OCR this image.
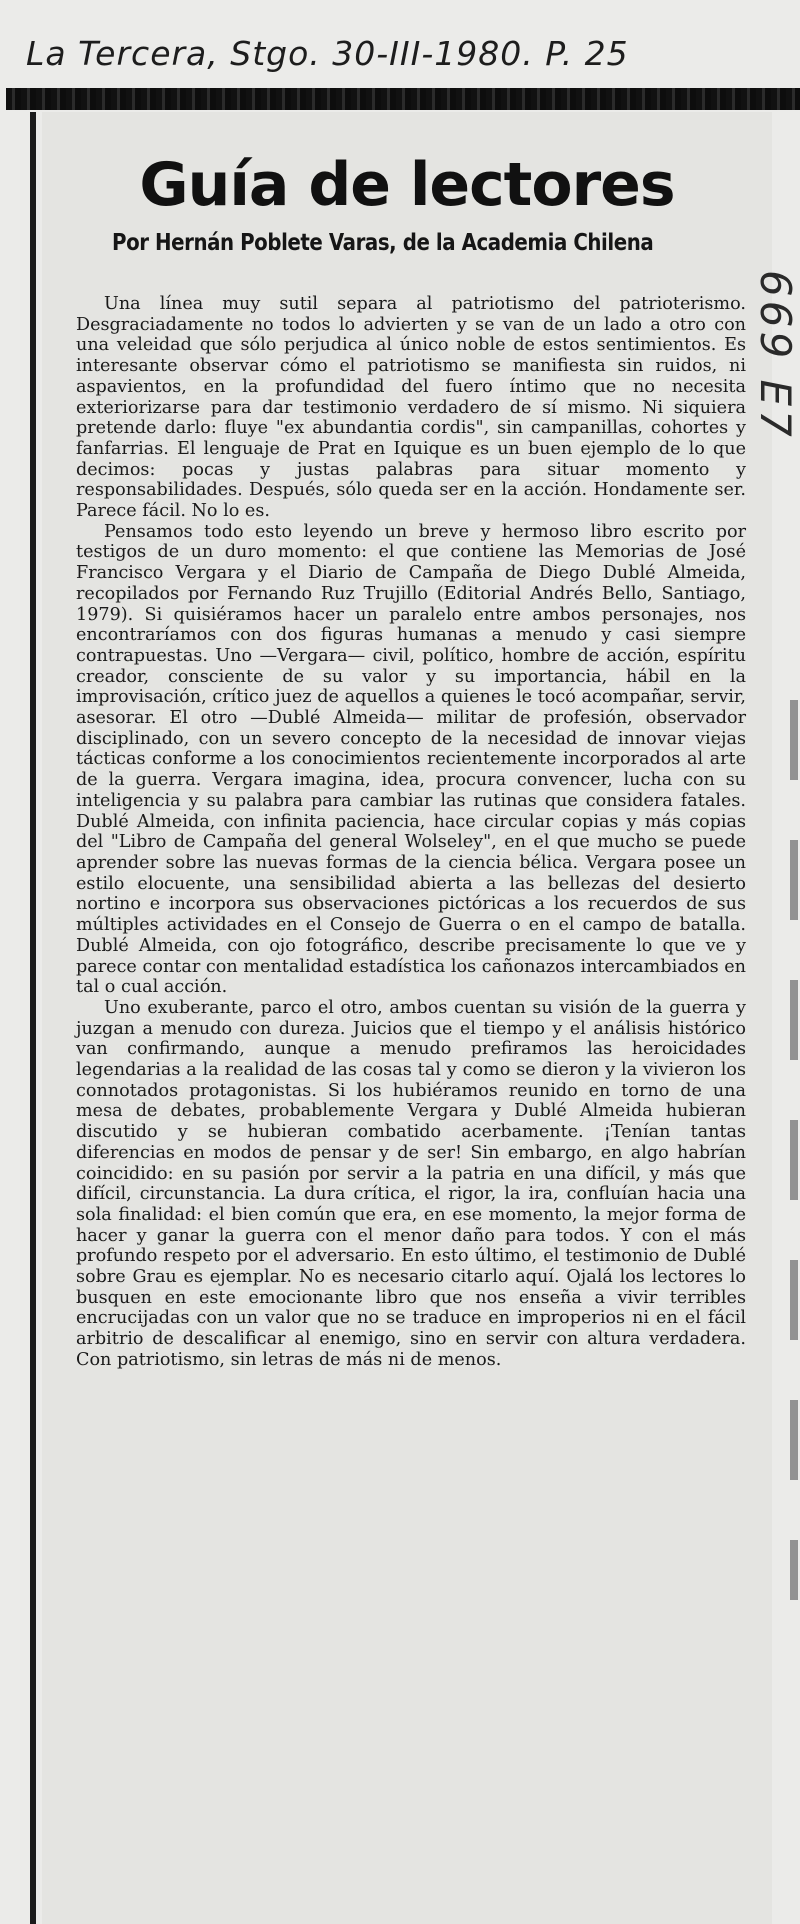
La Tercera, Stgo. 30-III-1980. P. 25
Guía de lectores
Por Hernán Poblete Varas, de la Academia Chilena

Una línea muy sutil separa al patriotismo del patrioterismo. Desgraciadamente no todos lo advierten y se van de un lado a otro con una veleidad que sólo perjudica al único noble de estos sentimientos. Es interesante observar cómo el patriotismo se manifiesta sin ruidos, ni aspavientos, en la profundidad del fuero íntimo que no necesita exteriorizarse para dar testimonio verdadero de sí mismo. Ni siquiera pretende darlo: fluye "ex abundantia cordis", sin campanillas, cohortes y fanfarrias. El lenguaje de Prat en Iquique es un buen ejemplo de lo que decimos: pocas y justas palabras para situar momento y responsabilidades. Después, sólo queda ser en la acción. Hondamente ser. Parece fácil. No lo es.

Pensamos todo esto leyendo un breve y hermoso libro escrito por testigos de un duro momento: el que contiene las Memorias de José Francisco Vergara y el Diario de Campaña de Diego Dublé Almeida, recopilados por Fernando Ruz Trujillo (Editorial Andrés Bello, Santiago, 1979). Si quisiéramos hacer un paralelo entre ambos personajes, nos encontraríamos con dos figuras humanas a menudo y casi siempre contrapuestas. Uno —Vergara— civil, político, hombre de acción, espíritu creador, consciente de su valor y su importancia, hábil en la improvisación, crítico juez de aquellos a quienes le tocó acompañar, servir, asesorar. El otro —Dublé Almeida— militar de profesión, observador disciplinado, con un severo concepto de la necesidad de innovar viejas tácticas conforme a los conocimientos recientemente incorporados al arte de la guerra. Vergara imagina, idea, procura convencer, lucha con su inteligencia y su palabra para cambiar las rutinas que considera fatales. Dublé Almeida, con infinita paciencia, hace circular copias y más copias del "Libro de Campaña del general Wolseley", en el que mucho se puede aprender sobre las nuevas formas de la ciencia bélica. Vergara posee un estilo elocuente, una sensibilidad abierta a las bellezas del desierto nortino e incorpora sus observaciones pictóricas a los recuerdos de sus múltiples actividades en el Consejo de Guerra o en el campo de batalla. Dublé Almeida, con ojo fotográfico, describe precisamente lo que ve y parece contar con mentalidad estadística los cañonazos intercambiados en tal o cual acción.

Uno exuberante, parco el otro, ambos cuentan su visión de la guerra y juzgan a menudo con dureza. Juicios que el tiempo y el análisis histórico van confirmando, aunque a menudo prefiramos las heroicidades legendarias a la realidad de las cosas tal y como se dieron y la vivieron los connotados protagonistas. Si los hubiéramos reunido en torno de una mesa de debates, probablemente Vergara y Dublé Almeida hubieran discutido y se hubieran combatido acerbamente. ¡Tenían tantas diferencias en modos de pensar y de ser! Sin embargo, en algo habrían coincidido: en su pasión por servir a la patria en una difícil, y más que difícil, circunstancia. La dura crítica, el rigor, la ira, confluían hacia una sola finalidad: el bien común que era, en ese momento, la mejor forma de hacer y ganar la guerra con el menor daño para todos. Y con el más profundo respeto por el adversario. En esto último, el testimonio de Dublé sobre Grau es ejemplar. No es necesario citarlo aquí. Ojalá los lectores lo busquen en este emocionante libro que nos enseña a vivir terribles encrucijadas con un valor que no se traduce en improperios ni en el fácil arbitrio de descalificar al enemigo, sino en servir con altura verdadera. Con patriotismo, sin letras de más ni de menos.

669 E7
